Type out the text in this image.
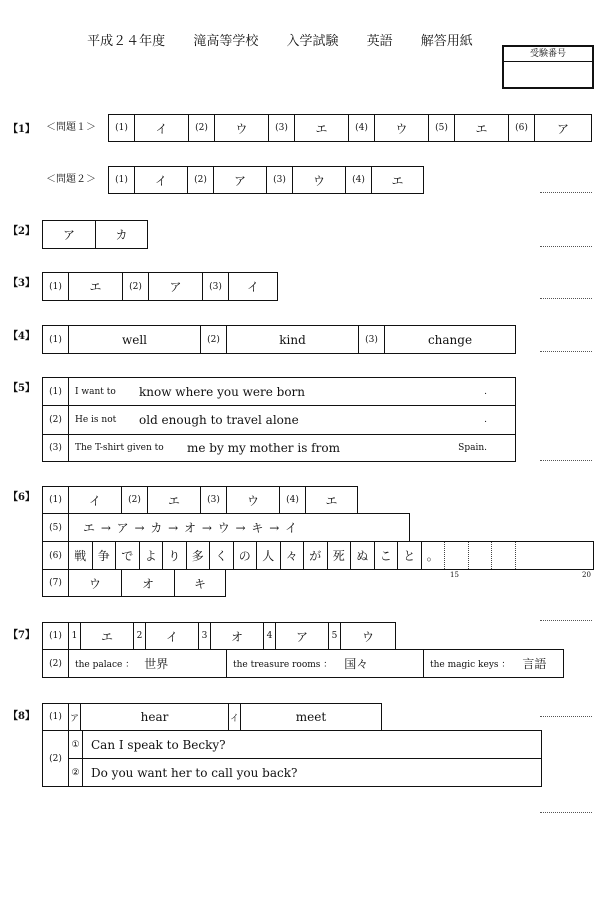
平成２４年度 滝高等学校 入学試験 英語 解答用紙
受験番号
【1】 ＜問題１＞	(1)	イ	(2)	ウ	(3)	エ	(4)	ウ	(5)	エ	(6)	ア
＜問題２＞	(1)	イ	(2)	ア	(3)	ウ	(4)	エ
【2】	ア	カ
【3】	(1)	エ	(2)	ア	(3)	イ
【4】	(1)	well	(2)	kind	(3)	change
【5】	(1)	I want to	know where you were born	.
(2)	He is not	old enough to travel alone	.
(3)	The T-shirt given to	me by my mother is from	Spain.
【6】	(1)	イ	(2)	エ	(3)	ウ	(4)	エ
(5)	エ → ア → カ → オ → ウ → キ → イ
(6)	戦 争 で よ り 多 く の 人 々 が 死 ぬ こ と 。
15	20
(7)	ウ	オ	キ
【7】	(1)	1	エ	2	イ	3	オ	4	ア	5	ウ
(2)	the palace ： 世界	the treasure rooms ： 国々	the magic keys ： 言語
【8】	(1) ア	hear	イ	meet
(2)
① Can I speak to Becky?
② Do you want her to call you back?
